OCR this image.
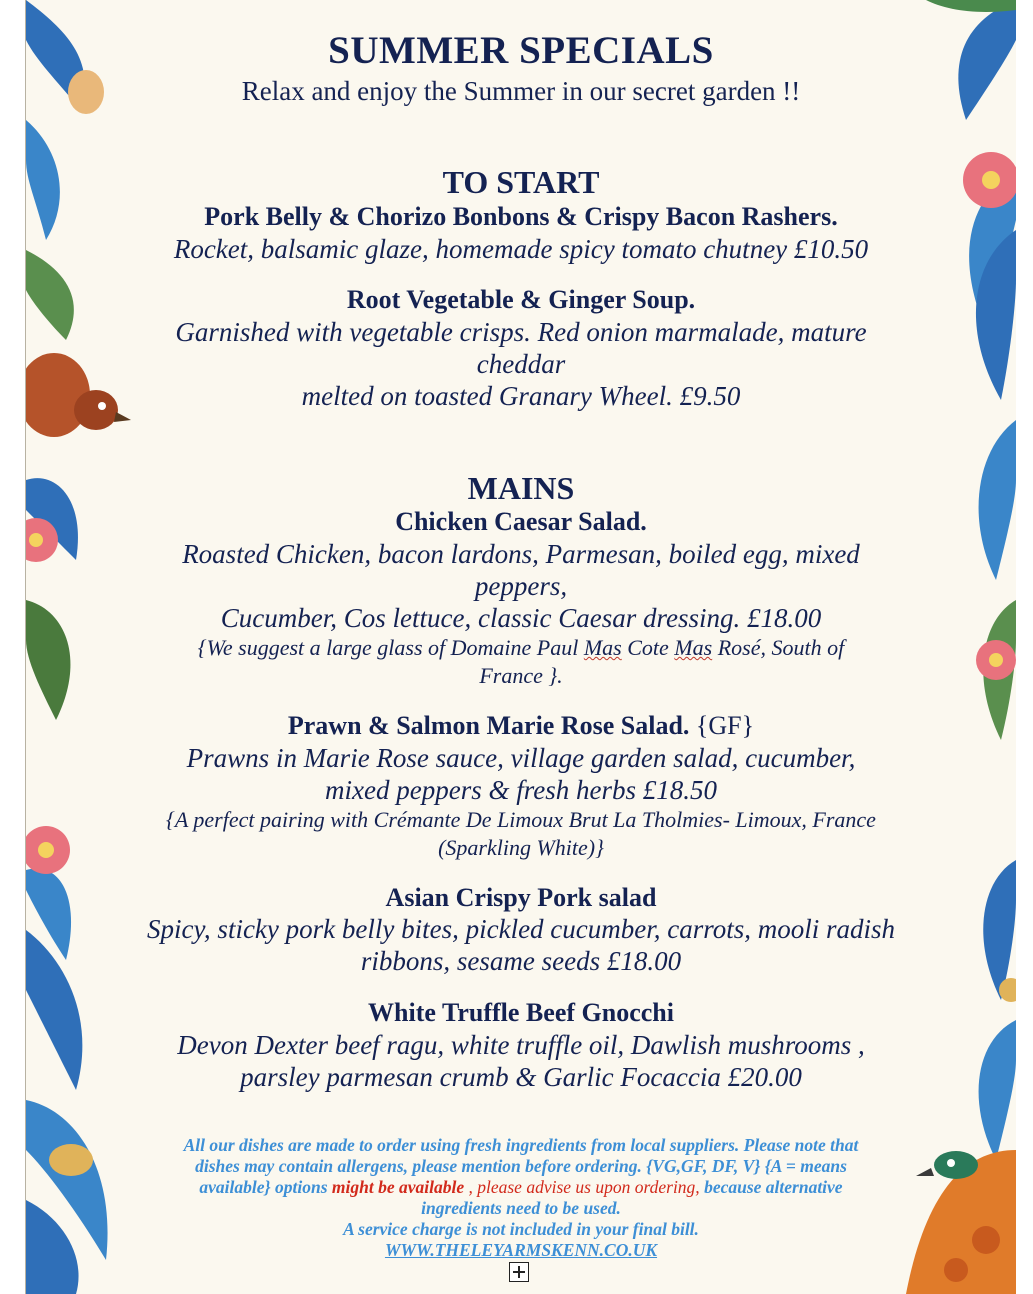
SUMMER SPECIALS
Relax and enjoy the Summer in our secret garden !!
TO START
Pork Belly & Chorizo Bonbons & Crispy Bacon Rashers.
Rocket, balsamic glaze, homemade spicy tomato chutney £10.50
Root Vegetable & Ginger Soup.
Garnished with vegetable crisps. Red onion marmalade, mature
cheddar
melted on toasted Granary Wheel. £9.50
MAINS
Chicken Caesar Salad.
Roasted Chicken, bacon lardons, Parmesan, boiled egg, mixed
peppers,
Cucumber, Cos lettuce, classic Caesar dressing. £18.00
{We suggest a large glass of Domaine Paul Mas Cote Mas Rosé, South of
France }.
Prawn & Salmon Marie Rose Salad. {GF}
Prawns in Marie Rose sauce, village garden salad, cucumber,
mixed peppers & fresh herbs £18.50
{A perfect pairing with Crémante De Limoux Brut La Tholmies- Limoux, France
(Sparkling White)}
Asian Crispy Pork salad
Spicy, sticky pork belly bites, pickled cucumber, carrots, mooli radish
ribbons, sesame seeds £18.00
White Truffle Beef Gnocchi
Devon Dexter beef ragu, white truffle oil, Dawlish mushrooms ,
parsley parmesan crumb & Garlic Focaccia £20.00
All our dishes are made to order using fresh ingredients from local suppliers. Please note that
dishes may contain allergens, please mention before ordering. {VG,GF, DF, V} {A = means
available} options might be available , please advise us upon ordering, because alternative
ingredients need to be used.
A service charge is not included in your final bill.
WWW.THELEYARMSKENN.CO.UK
